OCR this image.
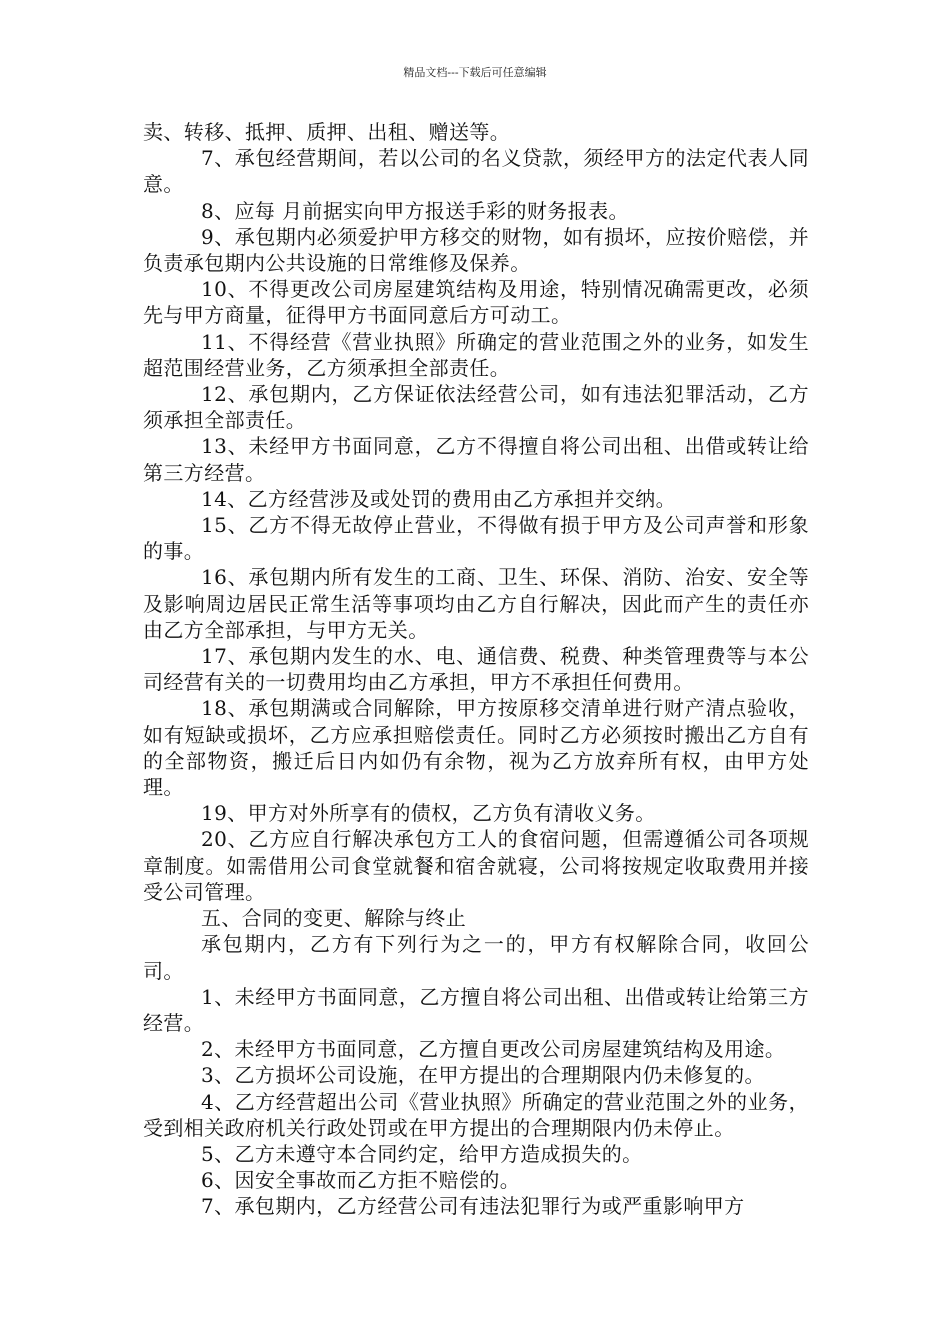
精品文档---下载后可任意编辑

卖、转移、抵押、质押、出租、赠送等。

7、承包经营期间，若以公司的名义贷款，须经甲方的法定代表人同意。

8、应每 月前据实向甲方报送手彩的财务报表。

9、承包期内必须爱护甲方移交的财物，如有损坏，应按价赔偿，并负责承包期内公共设施的日常维修及保养。

10、不得更改公司房屋建筑结构及用途，特别情况确需更改，必须先与甲方商量，征得甲方书面同意后方可动工。

11、不得经营《营业执照》所确定的营业范围之外的业务，如发生超范围经营业务，乙方须承担全部责任。

12、承包期内，乙方保证依法经营公司，如有违法犯罪活动，乙方须承担全部责任。

13、未经甲方书面同意，乙方不得擅自将公司出租、出借或转让给第三方经营。

14、乙方经营涉及或处罚的费用由乙方承担并交纳。

15、乙方不得无故停止营业，不得做有损于甲方及公司声誉和形象的事。

16、承包期内所有发生的工商、卫生、环保、消防、治安、安全等及影响周边居民正常生活等事项均由乙方自行解决，因此而产生的责任亦由乙方全部承担，与甲方无关。

17、承包期内发生的水、电、通信费、税费、种类管理费等与本公司经营有关的一切费用均由乙方承担，甲方不承担任何费用。

18、承包期满或合同解除，甲方按原移交清单进行财产清点验收，如有短缺或损坏，乙方应承担赔偿责任。同时乙方必须按时搬出乙方自有的全部物资，搬迁后日内如仍有余物，视为乙方放弃所有权，由甲方处理。

19、甲方对外所享有的债权，乙方负有清收义务。

20、乙方应自行解决承包方工人的食宿问题，但需遵循公司各项规章制度。如需借用公司食堂就餐和宿舍就寝，公司将按规定收取费用并接受公司管理。

五、合同的变更、解除与终止

承包期内，乙方有下列行为之一的，甲方有权解除合同，收回公司。

1、未经甲方书面同意，乙方擅自将公司出租、出借或转让给第三方经营。

2、未经甲方书面同意，乙方擅自更改公司房屋建筑结构及用途。

3、乙方损坏公司设施，在甲方提出的合理期限内仍未修复的。

4、乙方经营超出公司《营业执照》所确定的营业范围之外的业务，受到相关政府机关行政处罚或在甲方提出的合理期限内仍未停止。

5、乙方未遵守本合同约定，给甲方造成损失的。

6、因安全事故而乙方拒不赔偿的。

7、承包期内，乙方经营公司有违法犯罪行为或严重影响甲方
